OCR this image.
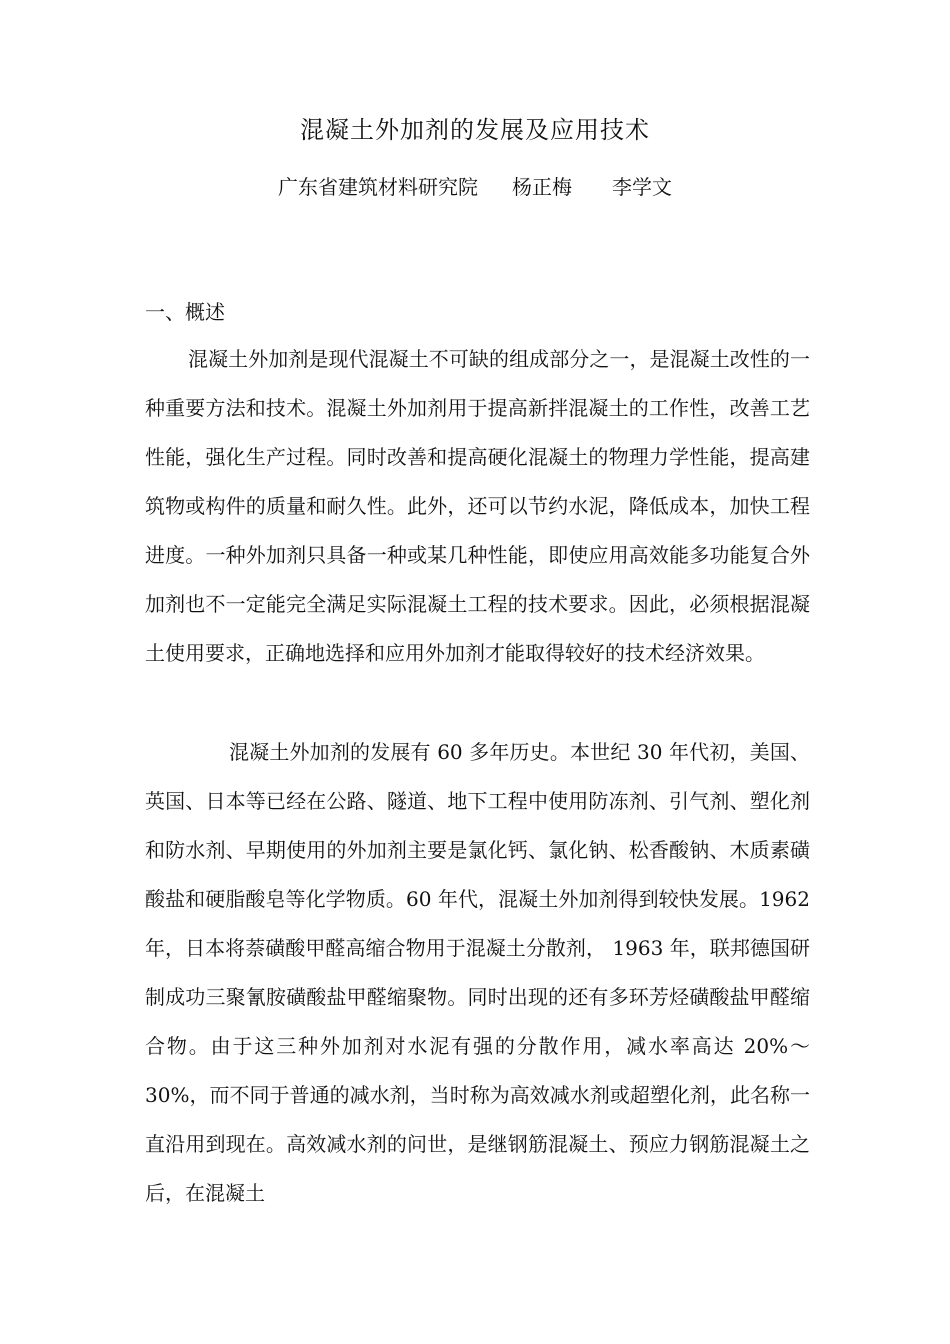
混凝土外加剂的发展及应用技术
广东省建筑材料研究院 杨正梅 李学文
一、概述

混凝土外加剂是现代混凝土不可缺的组成部分之一，是混凝土改性的一种重要方法和技术。混凝土外加剂用于提高新拌混凝土的工作性，改善工艺性能，强化生产过程。同时改善和提高硬化混凝土的物理力学性能，提高建筑物或构件的质量和耐久性。此外，还可以节约水泥，降低成本，加快工程进度。一种外加剂只具备一种或某几种性能，即使应用高效能多功能复合外加剂也不一定能完全满足实际混凝土工程的技术要求。因此，必须根据混凝土使用要求，正确地选择和应用外加剂才能取得较好的技术经济效果。

混凝土外加剂的发展有 60 多年历史。本世纪 30 年代初，美国、英国、日本等已经在公路、隧道、地下工程中使用防冻剂、引气剂、塑化剂和防水剂、早期使用的外加剂主要是氯化钙、氯化钠、松香酸钠、木质素磺酸盐和硬脂酸皂等化学物质。60 年代，混凝土外加剂得到较快发展。1962 年，日本将萘磺酸甲醛高缩合物用于混凝土分散剂， 1963 年，联邦德国研制成功三聚氰胺磺酸盐甲醛缩聚物。同时出现的还有多环芳烃磺酸盐甲醛缩合物。由于这三种外加剂对水泥有强的分散作用，减水率高达 20%～30%，而不同于普通的减水剂，当时称为高效减水剂或超塑化剂，此名称一直沿用到现在。高效减水剂的问世，是继钢筋混凝土、预应力钢筋混凝土之后，在混凝土
